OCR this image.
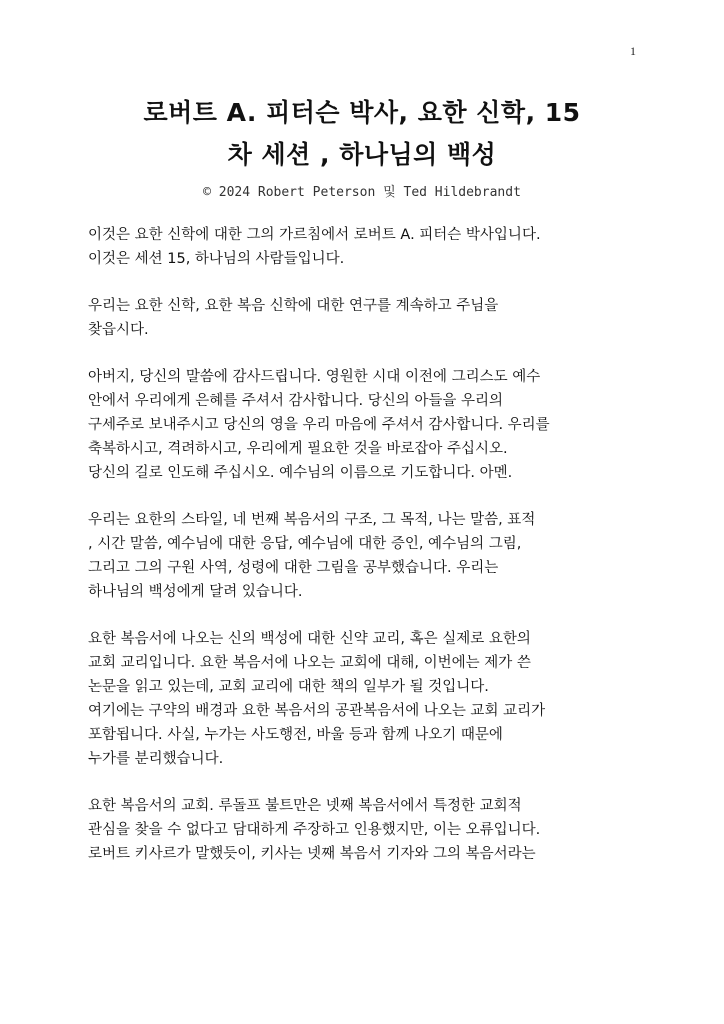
1
로버트 A. 피터슨 박사, 요한 신학, 15
차 세션 , 하나님의 백성
© 2024 Robert Peterson 및 Ted Hildebrandt
이것은 요한 신학에 대한 그의 가르침에서 로버트 A. 피터슨 박사입니다.
이것은 세션 15, 하나님의 사람들입니다.
우리는 요한 신학, 요한 복음 신학에 대한 연구를 계속하고 주님을
찾읍시다.
아버지, 당신의 말씀에 감사드립니다. 영원한 시대 이전에 그리스도 예수
안에서 우리에게 은혜를 주셔서 감사합니다. 당신의 아들을 우리의
구세주로 보내주시고 당신의 영을 우리 마음에 주셔서 감사합니다. 우리를
축복하시고, 격려하시고, 우리에게 필요한 것을 바로잡아 주십시오.
당신의 길로 인도해 주십시오. 예수님의 이름으로 기도합니다. 아멘.
우리는 요한의 스타일, 네 번째 복음서의 구조, 그 목적, 나는 말씀, 표적
, 시간 말씀, 예수님에 대한 응답, 예수님에 대한 증인, 예수님의 그림,
그리고 그의 구원 사역, 성령에 대한 그림을 공부했습니다. 우리는
하나님의 백성에게 달려 있습니다.
요한 복음서에 나오는 신의 백성에 대한 신약 교리, 혹은 실제로 요한의
교회 교리입니다. 요한 복음서에 나오는 교회에 대해, 이번에는 제가 쓴
논문을 읽고 있는데, 교회 교리에 대한 책의 일부가 될 것입니다.
여기에는 구약의 배경과 요한 복음서의 공관복음서에 나오는 교회 교리가
포함됩니다. 사실, 누가는 사도행전, 바울 등과 함께 나오기 때문에
누가를 분리했습니다.
요한 복음서의 교회. 루돌프 불트만은 넷째 복음서에서 특정한 교회적
관심을 찾을 수 없다고 담대하게 주장하고 인용했지만, 이는 오류입니다.
로버트 키사르가 말했듯이, 키사는 넷째 복음서 기자와 그의 복음서라는
